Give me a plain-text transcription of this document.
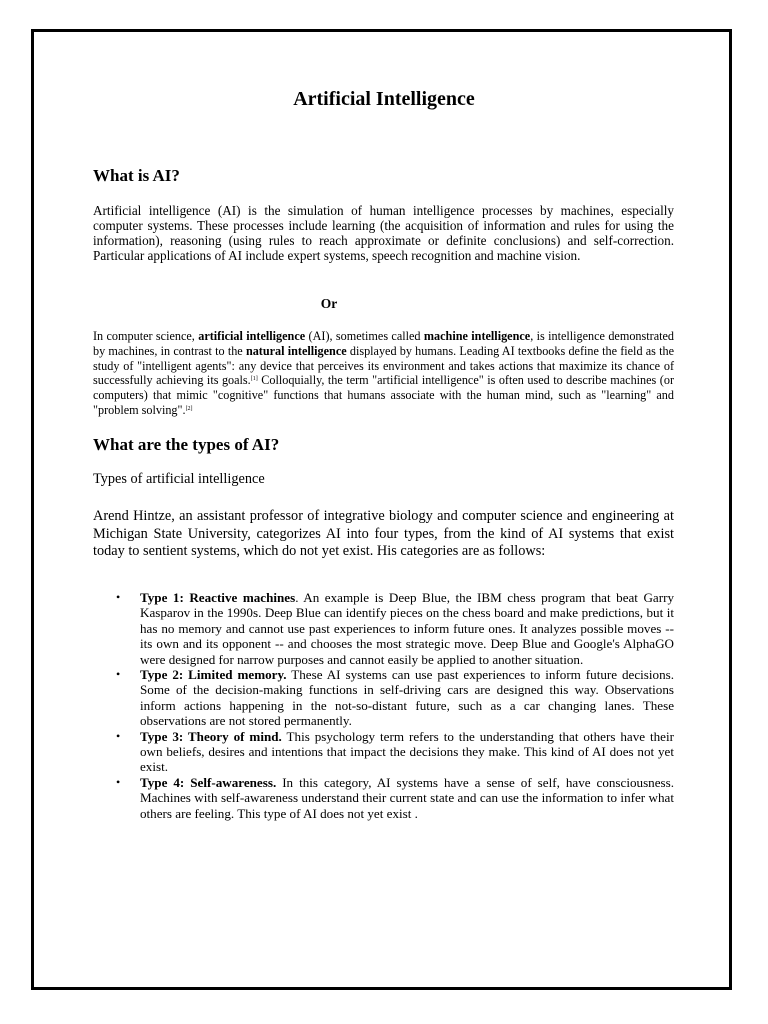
Artificial Intelligence
What is AI?

Artificial intelligence (AI) is the simulation of human intelligence processes by machines, especially computer systems. These processes include learning (the acquisition of information and rules for using the information), reasoning (using rules to reach approximate or definite conclusions) and self-correction. Particular applications of AI include expert systems, speech recognition and machine vision.

Or

In computer science, artificial intelligence (AI), sometimes called machine intelligence, is intelligence demonstrated by machines, in contrast to the natural intelligence displayed by humans. Leading AI textbooks define the field as the study of "intelligent agents": any device that perceives its environment and takes actions that maximize its chance of successfully achieving its goals.[1] Colloquially, the term "artificial intelligence" is often used to describe machines (or computers) that mimic "cognitive" functions that humans associate with the human mind, such as "learning" and "problem solving".[2]

What are the types of AI?

Types of artificial intelligence

Arend Hintze, an assistant professor of integrative biology and computer science and engineering at Michigan State University, categorizes AI into four types, from the kind of AI systems that exist today to sentient systems, which do not yet exist. His categories are as follows:

• Type 1: Reactive machines. An example is Deep Blue, the IBM chess program that beat Garry Kasparov in the 1990s. Deep Blue can identify pieces on the chess board and make predictions, but it has no memory and cannot use past experiences to inform future ones. It analyzes possible moves -- its own and its opponent -- and chooses the most strategic move. Deep Blue and Google's AlphaGO were designed for narrow purposes and cannot easily be applied to another situation.
• Type 2: Limited memory. These AI systems can use past experiences to inform future decisions. Some of the decision-making functions in self-driving cars are designed this way. Observations inform actions happening in the not-so-distant future, such as a car changing lanes. These observations are not stored permanently.
• Type 3: Theory of mind. This psychology term refers to the understanding that others have their own beliefs, desires and intentions that impact the decisions they make. This kind of AI does not yet exist.
• Type 4: Self-awareness. In this category, AI systems have a sense of self, have consciousness. Machines with self-awareness understand their current state and can use the information to infer what others are feeling. This type of AI does not yet exist .
